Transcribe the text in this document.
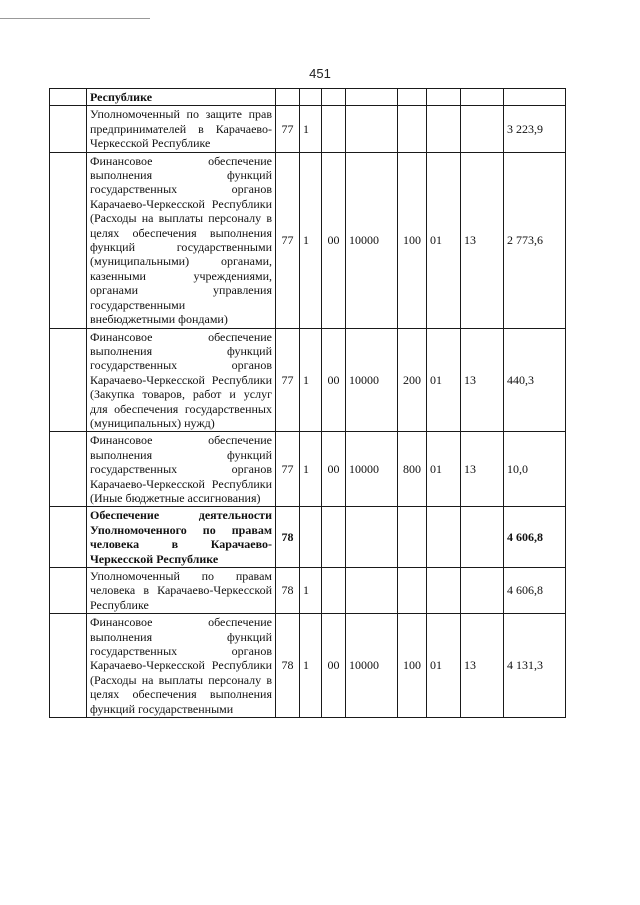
451

	Республике								

	Уполномоченный по защите прав предпринимателей в Карачаево-Черкесской Республике	77	1						3 223,9

	Финансовое обеспечение выполнения функций государственных органов Карачаево-Черкесской Республики (Расходы на выплаты персоналу в целях обеспечения выполнения функций государственными (муниципальными) органами, казенными учреждениями, органами управления государственными внебюджетными фондами)	77	1	00	10000	100	01	13	2 773,6

	Финансовое обеспечение выполнения функций государственных органов Карачаево-Черкесской Республики (Закупка товаров, работ и услуг для обеспечения государственных (муниципальных) нужд)	77	1	00	10000	200	01	13	440,3

	Финансовое обеспечение выполнения функций государственных органов Карачаево-Черкесской Республики (Иные бюджетные ассигнования)	77	1	00	10000	800	01	13	10,0

	Обеспечение деятельности Уполномоченного по правам человека в Карачаево-Черкесской Республике	78							4 606,8

	Уполномоченный по правам человека в Карачаево-Черкесской Республике	78	1						4 606,8

	Финансовое обеспечение выполнения функций государственных органов Карачаево-Черкесской Республики (Расходы на выплаты персоналу в целях обеспечения выполнения функций государственными	78	1	00	10000	100	01	13	4 131,3
